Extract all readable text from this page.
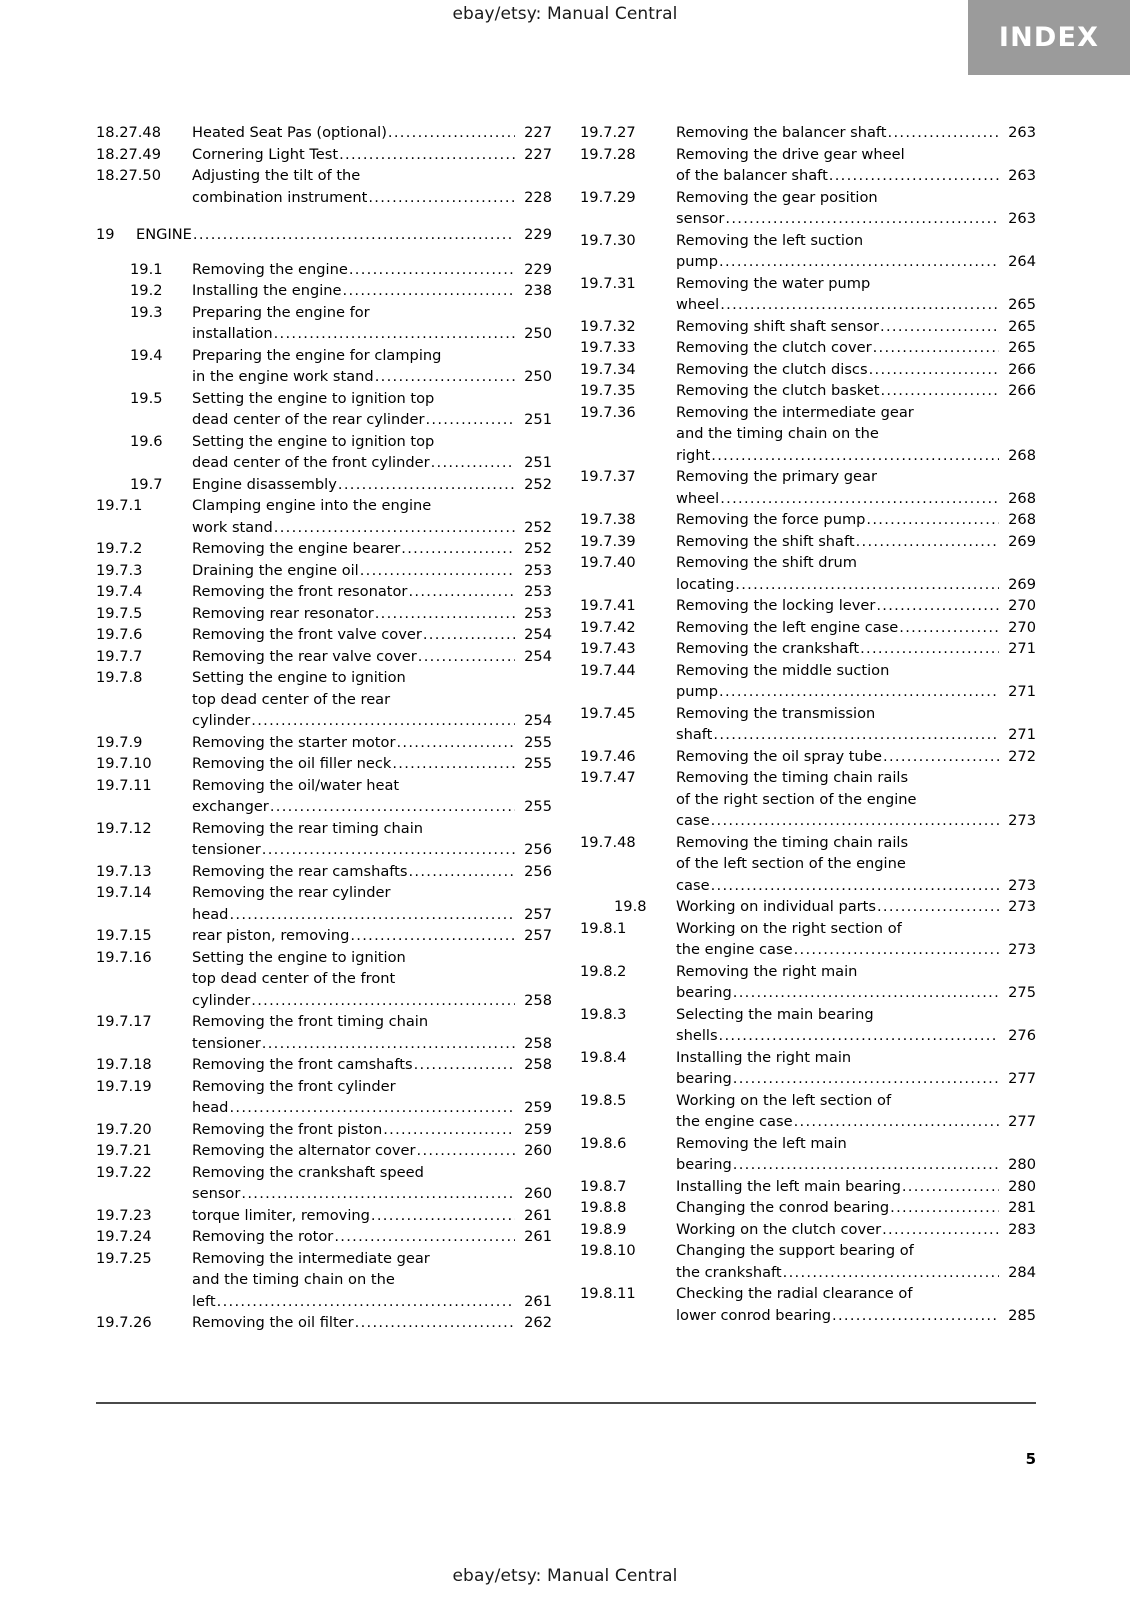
ebay/etsy: Manual Central
INDEX
18.27.48	Heated Seat Pas (optional) .....	227
18.27.49	Cornering Light Test .....	227
18.27.50	Adjusting the tilt of the
combination instrument .....	228
19	ENGINE .....	229
19.1	Removing the engine .....	229
19.2	Installing the engine .....	238
19.3	Preparing the engine for
installation .....	250
19.4	Preparing the engine for clamping
in the engine work stand .....	250
19.5	Setting the engine to ignition top
dead center of the rear cylinder .....	251
19.6	Setting the engine to ignition top
dead center of the front cylinder .....	251
19.7	Engine disassembly .....	252
19.7.1	Clamping engine into the engine
work stand .....	252
19.7.2	Removing the engine bearer .....	252
19.7.3	Draining the engine oil .....	253
19.7.4	Removing the front resonator .....	253
19.7.5	Removing rear resonator .....	253
19.7.6	Removing the front valve cover .....	254
19.7.7	Removing the rear valve cover .....	254
19.7.8	Setting the engine to ignition
top dead center of the rear
cylinder .....	254
19.7.9	Removing the starter motor .....	255
19.7.10	Removing the oil filler neck .....	255
19.7.11	Removing the oil/water heat
exchanger .....	255
19.7.12	Removing the rear timing chain
tensioner .....	256
19.7.13	Removing the rear camshafts .....	256
19.7.14	Removing the rear cylinder
head .....	257
19.7.15	rear piston, removing .....	257
19.7.16	Setting the engine to ignition
top dead center of the front
cylinder .....	258
19.7.17	Removing the front timing chain
tensioner .....	258
19.7.18	Removing the front camshafts .....	258
19.7.19	Removing the front cylinder
head .....	259
19.7.20	Removing the front piston .....	259
19.7.21	Removing the alternator cover .....	260
19.7.22	Removing the crankshaft speed
sensor .....	260
19.7.23	torque limiter, removing .....	261
19.7.24	Removing the rotor .....	261
19.7.25	Removing the intermediate gear
and the timing chain on the
left .....	261
19.7.26	Removing the oil filter .....	262
19.7.27	Removing the balancer shaft .....	263
19.7.28	Removing the drive gear wheel
of the balancer shaft .....	263
19.7.29	Removing the gear position
sensor .....	263
19.7.30	Removing the left suction
pump .....	264
19.7.31	Removing the water pump
wheel .....	265
19.7.32	Removing shift shaft sensor .....	265
19.7.33	Removing the clutch cover .....	265
19.7.34	Removing the clutch discs .....	266
19.7.35	Removing the clutch basket .....	266
19.7.36	Removing the intermediate gear
and the timing chain on the
right .....	268
19.7.37	Removing the primary gear
wheel .....	268
19.7.38	Removing the force pump .....	268
19.7.39	Removing the shift shaft .....	269
19.7.40	Removing the shift drum
locating .....	269
19.7.41	Removing the locking lever .....	270
19.7.42	Removing the left engine case .....	270
19.7.43	Removing the crankshaft .....	271
19.7.44	Removing the middle suction
pump .....	271
19.7.45	Removing the transmission
shaft .....	271
19.7.46	Removing the oil spray tube .....	272
19.7.47	Removing the timing chain rails
of the right section of the engine
case .....	273
19.7.48	Removing the timing chain rails
of the left section of the engine
case .....	273
19.8	Working on individual parts .....	273
19.8.1	Working on the right section of
the engine case .....	273
19.8.2	Removing the right main
bearing .....	275
19.8.3	Selecting the main bearing
shells .....	276
19.8.4	Installing the right main
bearing .....	277
19.8.5	Working on the left section of
the engine case .....	277
19.8.6	Removing the left main
bearing .....	280
19.8.7	Installing the left main bearing .....	280
19.8.8	Changing the conrod bearing .....	281
19.8.9	Working on the clutch cover .....	283
19.8.10	Changing the support bearing of
the crankshaft .....	284
19.8.11	Checking the radial clearance of
lower conrod bearing .....	285
5
ebay/etsy: Manual Central
